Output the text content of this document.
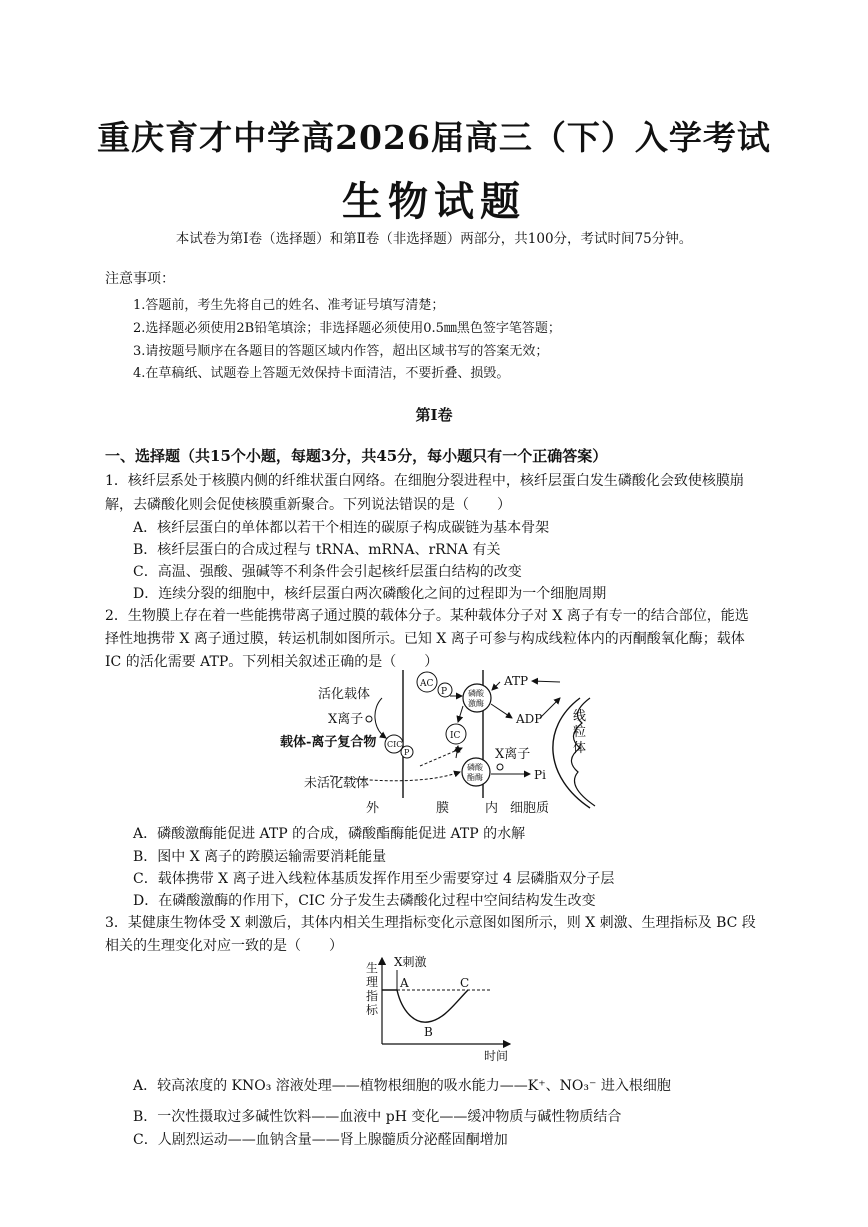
重庆育才中学高2026届高三（下）入学考试
生物试题
本试卷为第Ⅰ卷（选择题）和第Ⅱ卷（非选择题）两部分，共100分，考试时间75分钟。
注意事项：
1.答题前，考生先将自己的姓名、准考证号填写清楚；
2.选择题必须使用2B铅笔填涂；非选择题必须使用0.5㎜黑色签字笔答题；
3.请按题号顺序在各题目的答题区域内作答，超出区域书写的答案无效；
4.在草稿纸、试题卷上答题无效保持卡面清洁，不要折叠、损毁。
第Ⅰ卷
一、选择题（共15个小题，每题3分，共45分，每小题只有一个正确答案）
1．核纤层系处于核膜内侧的纤维状蛋白网络。在细胞分裂进程中，核纤层蛋白发生磷酸化会致使核膜崩
解，去磷酸化则会促使核膜重新聚合。下列说法错误的是（　　）
A．核纤层蛋白的单体都以若干个相连的碳原子构成碳链为基本骨架
B．核纤层蛋白的合成过程与 tRNA、mRNA、rRNA 有关
C．高温、强酸、强碱等不利条件会引起核纤层蛋白结构的改变
D．连续分裂的细胞中，核纤层蛋白两次磷酸化之间的过程即为一个细胞周期
2．生物膜上存在着一些能携带离子通过膜的载体分子。某种载体分子对 X 离子有专一的结合部位，能选
择性地携带 X 离子通过膜，转运机制如图所示。已知 X 离子可参与构成线粒体内的丙酮酸氧化酶；载体
IC 的活化需要 ATP。下列相关叙述正确的是（　　）
活化载体
X离子
载体-离子复合物
未活化载体
AC
P
CIC
P
IC
磷酸
激酶
磷酸
酯酶
ATP
ADP
Pi
X离子
线
粒
体
外	膜	内 细胞质
A．磷酸激酶能促进 ATP 的合成，磷酸酯酶能促进 ATP 的水解
B．图中 X 离子的跨膜运输需要消耗能量
C．载体携带 X 离子进入线粒体基质发挥作用至少需要穿过 4 层磷脂双分子层
D．在磷酸激酶的作用下，CIC 分子发生去磷酸化过程中空间结构发生改变
3．某健康生物体受 X 刺激后，其体内相关生理指标变化示意图如图所示，则 X 刺激、生理指标及 BC 段
相关的生理变化对应一致的是（　　）
生
理
指
标
X刺激
A
B
C
时间
A．较高浓度的 KNO₃ 溶液处理——植物根细胞的吸水能力——K⁺、NO₃⁻ 进入根细胞
B．一次性摄取过多碱性饮料——血液中 pH 变化——缓冲物质与碱性物质结合
C．人剧烈运动——血钠含量——肾上腺髓质分泌醛固酮增加
